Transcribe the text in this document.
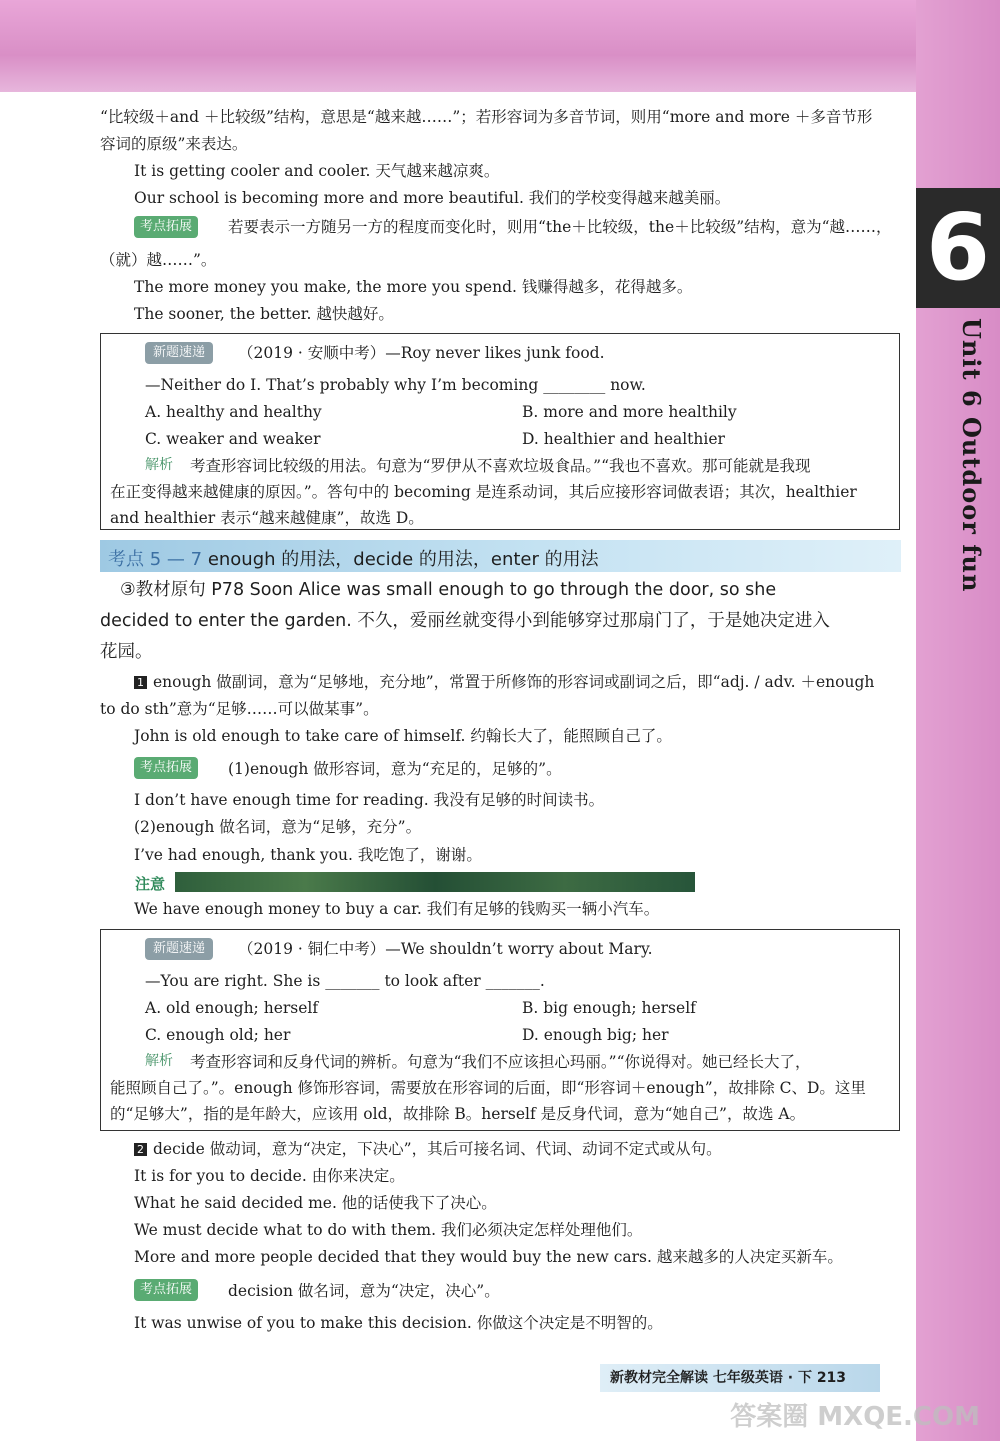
6
Unit 6 Outdoor fun
“比较级＋and ＋比较级”结构，意思是“越来越……”；若形容词为多音节词，则用“more and more ＋多音节形
容词的原级”来表达。
It is getting cooler and cooler. 天气越来越凉爽。
Our school is becoming more and more beautiful. 我们的学校变得越来越美丽。
考点拓展	若要表示一方随另一方的程度而变化时，则用“the＋比较级，the＋比较级”结构，意为“越……，
（就）越……”。
The more money you make, the more you spend. 钱赚得越多，花得越多。
The sooner, the better. 越快越好。
新题速递	（2019 · 安顺中考）—Roy never likes junk food.
—Neither do I. That’s probably why I’m becoming ________ now.
A. healthy and healthy	B. more and more healthily
C. weaker and weaker	D. healthier and healthier
解析 考查形容词比较级的用法。句意为“罗伊从不喜欢垃圾食品。”“我也不喜欢。那可能就是我现
在正变得越来越健康的原因。”。答句中的 becoming 是连系动词，其后应接形容词做表语；其次，healthier
and healthier 表示“越来越健康”，故选 D。
考点 5 — 7 enough 的用法，decide 的用法，enter 的用法
③教材原句 P78 Soon Alice was small enough to go through the door, so she
decided to enter the garden. 不久，爱丽丝就变得小到能够穿过那扇门了，于是她决定进入
花园。
1 enough 做副词，意为“足够地，充分地”，常置于所修饰的形容词或副词之后，即“adj. / adv. ＋enough
to do sth”意为“足够……可以做某事”。
John is old enough to take care of himself. 约翰长大了，能照顾自己了。
考点拓展	(1)enough 做形容词，意为“充足的，足够的”。
I don’t have enough time for reading. 我没有足够的时间读书。
(2)enough 做名词，意为“足够，充分”。
I’ve had enough, thank you. 我吃饱了，谢谢。
注意
We have enough money to buy a car. 我们有足够的钱购买一辆小汽车。
新题速递	（2019 · 铜仁中考）—We shouldn’t worry about Mary.
—You are right. She is _______ to look after _______.
A. old enough; herself	B. big enough; herself
C. enough old; her	D. enough big; her
解析 考查形容词和反身代词的辨析。句意为“我们不应该担心玛丽。”“你说得对。她已经长大了，
能照顾自己了。”。enough 修饰形容词，需要放在形容词的后面，即“形容词＋enough”，故排除 C、D。这里
的“足够大”，指的是年龄大，应该用 old，故排除 B。herself 是反身代词，意为“她自己”，故选 A。
2 decide 做动词，意为“决定，下决心”，其后可接名词、代词、动词不定式或从句。
It is for you to decide. 由你来决定。
What he said decided me. 他的话使我下了决心。
We must decide what to do with them. 我们必须决定怎样处理他们。
More and more people decided that they would buy the new cars. 越来越多的人决定买新车。
考点拓展	decision 做名词，意为“决定，决心”。
It was unwise of you to make this decision. 你做这个决定是不明智的。
新教材完全解读 七年级英语 · 下 213
答案圈 MXQE.COM
